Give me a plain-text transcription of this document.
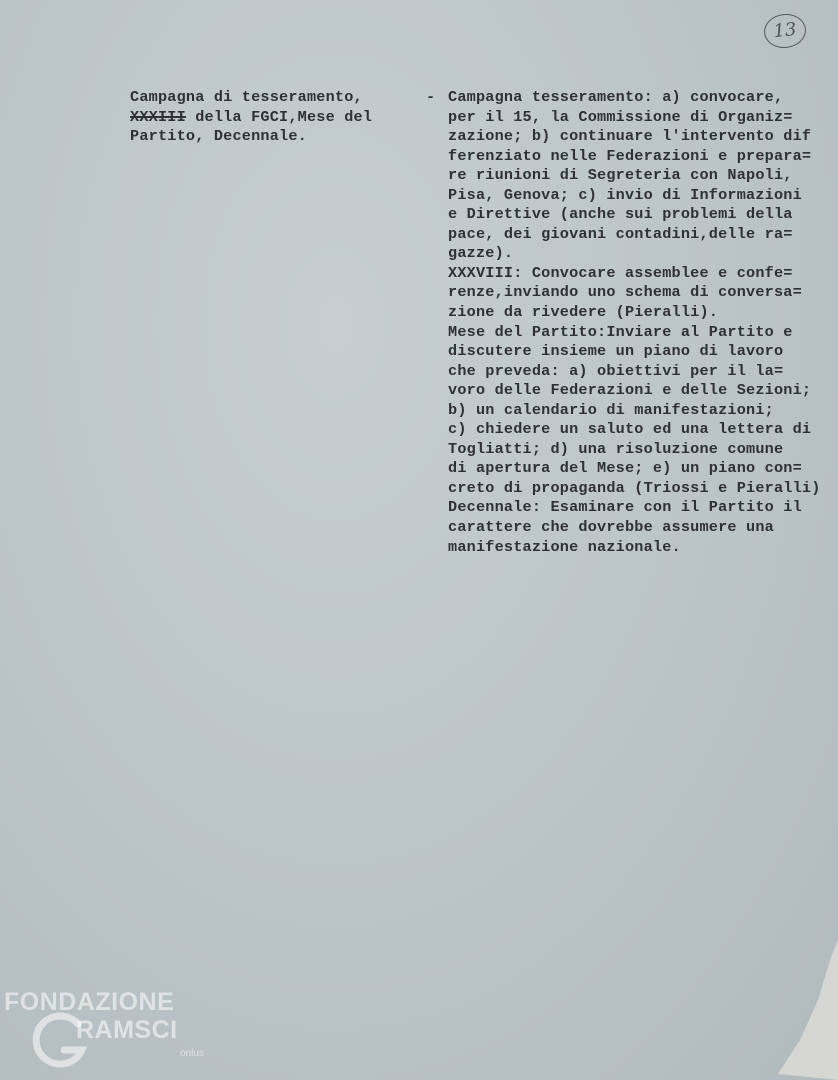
13
Campagna di tesseramento,
XXXIII della FGCI,Mese del
Partito, Decennale.
- Campagna tesseramento: a) convocare,
per il 15, la Commissione di Organiz=
zazione; b) continuare l'intervento dif
ferenziato nelle Federazioni e prepara=
re riunioni di Segreteria con Napoli,
Pisa, Genova; c) invio di Informazioni
e Direttive (anche sui problemi della
pace, dei giovani contadini,delle ra=
gazze).
XXXVIII: Convocare assemblee e confe=
renze,inviando uno schema di conversa=
zione da rivedere (Pieralli).
Mese del Partito:Inviare al Partito e
discutere insieme un piano di lavoro
che preveda: a) obiettivi per il la=
voro delle Federazioni e delle Sezioni;
b) un calendario di manifestazioni;
c) chiedere un saluto ed una lettera di
Togliatti; d) una risoluzione comune
di apertura del Mese; e) un piano con=
creto di propaganda (Triossi e Pieralli)
Decennale: Esaminare con il Partito il
carattere che dovrebbe assumere una
manifestazione nazionale.
FONDAZIONE
RAMSCI
onlus
